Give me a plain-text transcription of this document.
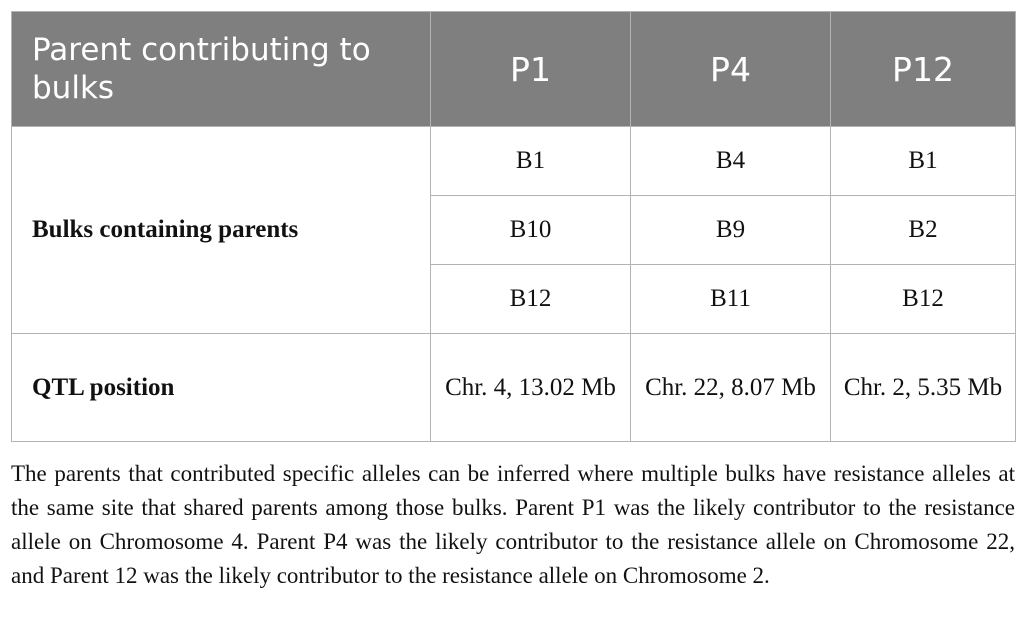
Parent contributing to bulks	P1	P4	P12
Bulks containing parents	B1	B4	B1
	B10	B9	B2
	B12	B11	B12
QTL position	Chr. 4, 13.02 Mb	Chr. 22, 8.07 Mb	Chr. 2, 5.35 Mb

The parents that contributed specific alleles can be inferred where multiple bulks have resistance alleles at the same site that shared parents among those bulks. Parent P1 was the likely contributor to the resistance allele on Chromosome 4. Parent P4 was the likely contributor to the resistance allele on Chromosome 22, and Parent 12 was the likely contributor to the resistance allele on Chromosome 2.
